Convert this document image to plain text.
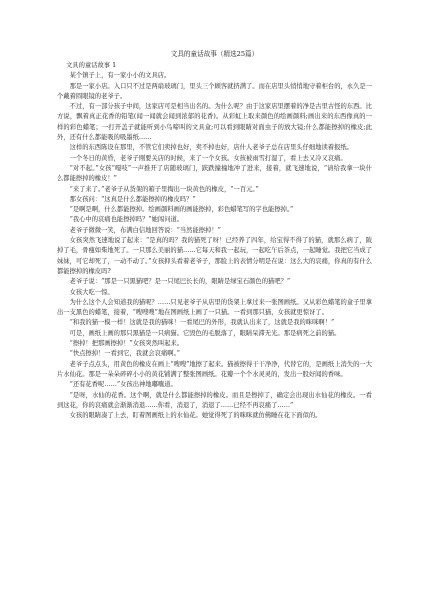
文具的童话故事（精选25篇）

文具的童话故事 1

某个镇子上，有一家小小的文具店。

那是一家小店。入口只不过是两扇玻璃门，里头三个顾客就挤满了。而在店里头悄悄地守着柜台的，永久是一个戴着圆眼镜的老爷子。

不过，有一部分孩子中间，这家店可是相当出名的。为什么呢？由于这家店里摆着的净是古里古怪的东西。比方说，飘着真正花香的铅笔(闻一闻就会闻到浓郁的花香)。从彩虹上取来颜色的绘画颜料;画出来的东西像真的一样的彩色蜡笔；一打开盖子就能听到小鸟啼叫的文具盒;可以看到眼睛对面虫子的放大镜;什么都能擦掉的橡皮;此外，还有什么都能吸的吸墨纸……

这样的东西陈设在那里，不管它们卖掉也好，卖不掉也好，店什人老爷子总在店里头仔细地读着报纸。

一个冬日的黄昏，老爷子刚要关店的时候，来了一个女孩。女孩被雨雪打湿了，看上去又冷又哀痛。

“对不起。”女孩“嘎吱”一声推开了店随玻璃门，趺跌撞撞地冲了进来，接着，就飞速地说，“请给我拿一块什么都能擦掉的橡皮！”

“来了来了。”老爷子从货架的箱子里掏出一块黄色的橡皮，“一百元。”

那女孩问：“这真是什么都能擦掉的橡皮吗？”

“是啊是啊，什么都能擦掉。绘画颜料画的画能擦掉，彩色蜡笔写的字也能擦掉。”

“我心中的哀痛也能擦掉吗？”她闯问道。

老爷子微微一笑，布满白信地回答说：“当然能擦掉！”

女孩突然飞速地说了起来：“是真的吗？我的猫死了呀！已经养了四年，给宝得不得了的猫，就那么病了，陂掉了毛，骨瘦如柴地死了。一只那么美丽的猫……它每天和我一起玩，一起吃午后茶点，一起睡觉。我把它当成了妹妹，可它却死了，一动不动了。”女孩抑头看着老爷子，那脸上的表情分明是在说：这么大的哀痛，你真的有什么都能擦掉的橡皮吗?

老爷子说：“那是一只黑猫吧？是一只尾巴长长的，眼睛是绿宝石颜色的猫吧？”

女孩大吃一惊。

为什么这个人会知道我的猫呢？……只见老爷子从店里的货架上拿过来一张图画纸。又从彩色蜡笔的盒子里拿出一支黑色的蜡笔，接着，“嗖嗖嗖”地在图画纸上画了一只猫。一看到那只猫，女孩就更惊讶了。

“和我的猫一模一样！这就是我的猫咪！一看尾巴的外形，我就认出来了，这就是我的咪咪啊！”

可是，画纸上画的那只黑猫是一只病猫。它毁色的毛脱落了，眼睛呆滞无光。那是病死之前的猫。

“擦掉！把那画擦掉！”女孩突然叫起来。

“快点擦掉！一看到它，我就会哀痛啊。”

老爷子点点头，用黄色的橡皮在画上“嗖嗖”地擦了起来。猫被擦得干干净净，代替它的，是画纸上消失的一大片水仙花。那是一朵朵碎碎小小的黄花铺满了整张图画纸。花瓣一个个水灵灵的，发出一股好闻的香味。

“还有花香呢……”女孩出神地嘟囔道。

“是呀，水仙的花香。这个啊，就是什么都能擦掉的橡皮。而且是擦掉了，确定会出现出水仙花的橡皮。一看到这花，你的哀痛就会渐渐消退……你看，消退了，消退了……已经不再哀痛了……”

女孩的眼睛凑了上去，盯着图画纸上的水仙花。她觉得死了的咪咪就仿佛睡在花下面似的。
